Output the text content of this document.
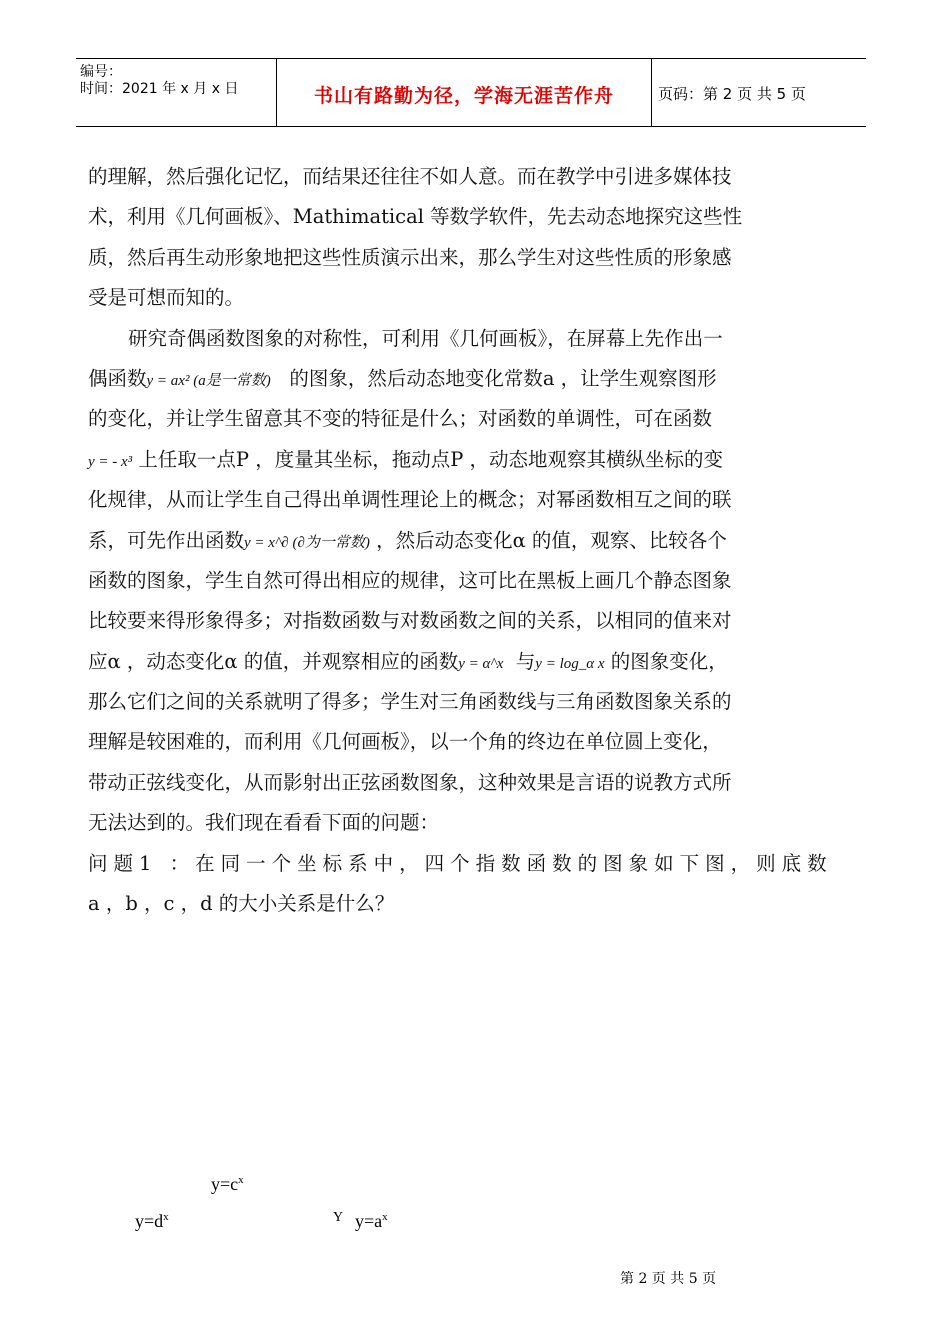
编号：
时间：2021 年 x 月 x 日	书山有路勤为径，学海无涯苦作舟	页码：第 2 页 共 5 页
的理解，然后强化记忆，而结果还往往不如人意。而在教学中引进多媒体技
术，利用《几何画板》、Mathimatical 等数学软件，先去动态地探究这些性
质，然后再生动形象地把这些性质演示出来，那么学生对这些性质的形象感
受是可想而知的。
研究奇偶函数图象的对称性，可利用《几何画板》，在屏幕上先作出一
偶函数y = ax² (a是一常数) 的图象，然后动态地变化常数a ，让学生观察图形
的变化，并让学生留意其不变的特征是什么；对函数的单调性，可在函数
y = - x³ 上任取一点P ，度量其坐标，拖动点P ，动态地观察其横纵坐标的变
化规律，从而让学生自己得出单调性理论上的概念；对幂函数相互之间的联
系，可先作出函数y = x^∂ (∂为一常数) ，然后动态变化α 的值，观察、比较各个
函数的图象，学生自然可得出相应的规律，这可比在黑板上画几个静态图象
比较要来得形象得多；对指数函数与对数函数之间的关系，以相同的值来对
应α ，动态变化α 的值，并观察相应的函数y = α^x 与y = log_α x 的图象变化，
那么它们之间的关系就明了得多；学生对三角函数线与三角函数图象关系的
理解是较困难的，而利用《几何画板》，以一个角的终边在单位圆上变化，
带动正弦线变化，从而影射出正弦函数图象，这种效果是言语的说教方式所
无法达到的。我们现在看看下面的问题：
问题1 ：在同一个坐标系中，四个指数函数的图象如下图，则底数
a ，b ，c ，d 的大小关系是什么？
$y=c^x$
$y=d^x$	Y $y=a^x$
第 2 页 共 5 页
